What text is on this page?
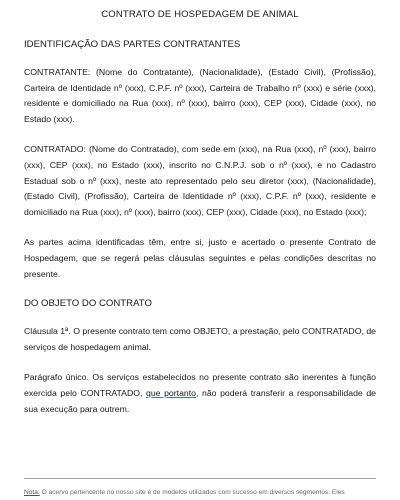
CONTRATO DE HOSPEDAGEM DE ANIMAL
IDENTIFICAÇÃO DAS PARTES CONTRATANTES

CONTRATANTE: (Nome do Contratante), (Nacionalidade), (Estado Civil), (Profissão), Carteira de Identidade nº (xxx), C.P.F. nº (xxx), Carteira de Trabalho nº (xxx) e série (xxx), residente e domiciliado na Rua (xxx), nº (xxx), bairro (xxx), CEP (xxx), Cidade (xxx), no Estado (xxx).

CONTRATADO: (Nome do Contratado), com sede em (xxx), na Rua (xxx), nº (xxx), bairro (xxx), CEP (xxx), no Estado (xxx), inscrito no C.N.P.J. sob o nº (xxx), e no Cadastro Estadual sob o nº (xxx), neste ato representado pelo seu diretor (xxx), (Nacionalidade), (Estado Civil), (Profissão), Carteira de Identidade nº (xxx), C.P.F. nº (xxx), residente e domiciliado na Rua (xxx), nº (xxx), bairro (xxx), CEP (xxx), Cidade (xxx), no Estado (xxx);

As partes acima identificadas têm, entre si, justo e acertado o presente Contrato de Hospedagem, que se regerá pelas cláusulas seguintes e pelas condições descritas no presente.

DO OBJETO DO CONTRATO

Cláusula 1ª. O presente contrato tem como OBJETO, a prestação, pelo CONTRATADO, de serviços de hospedagem animal.

Parágrafo único. Os serviços estabelecidos no presente contrato são inerentes à função exercida pelo CONTRATADO, que portanto, não poderá transferir a responsabilidade de sua execução para outrem.

Nota: O acervo pertencente no nosso site é de modelos utilizados com sucesso em diversos segmentos. Eles
